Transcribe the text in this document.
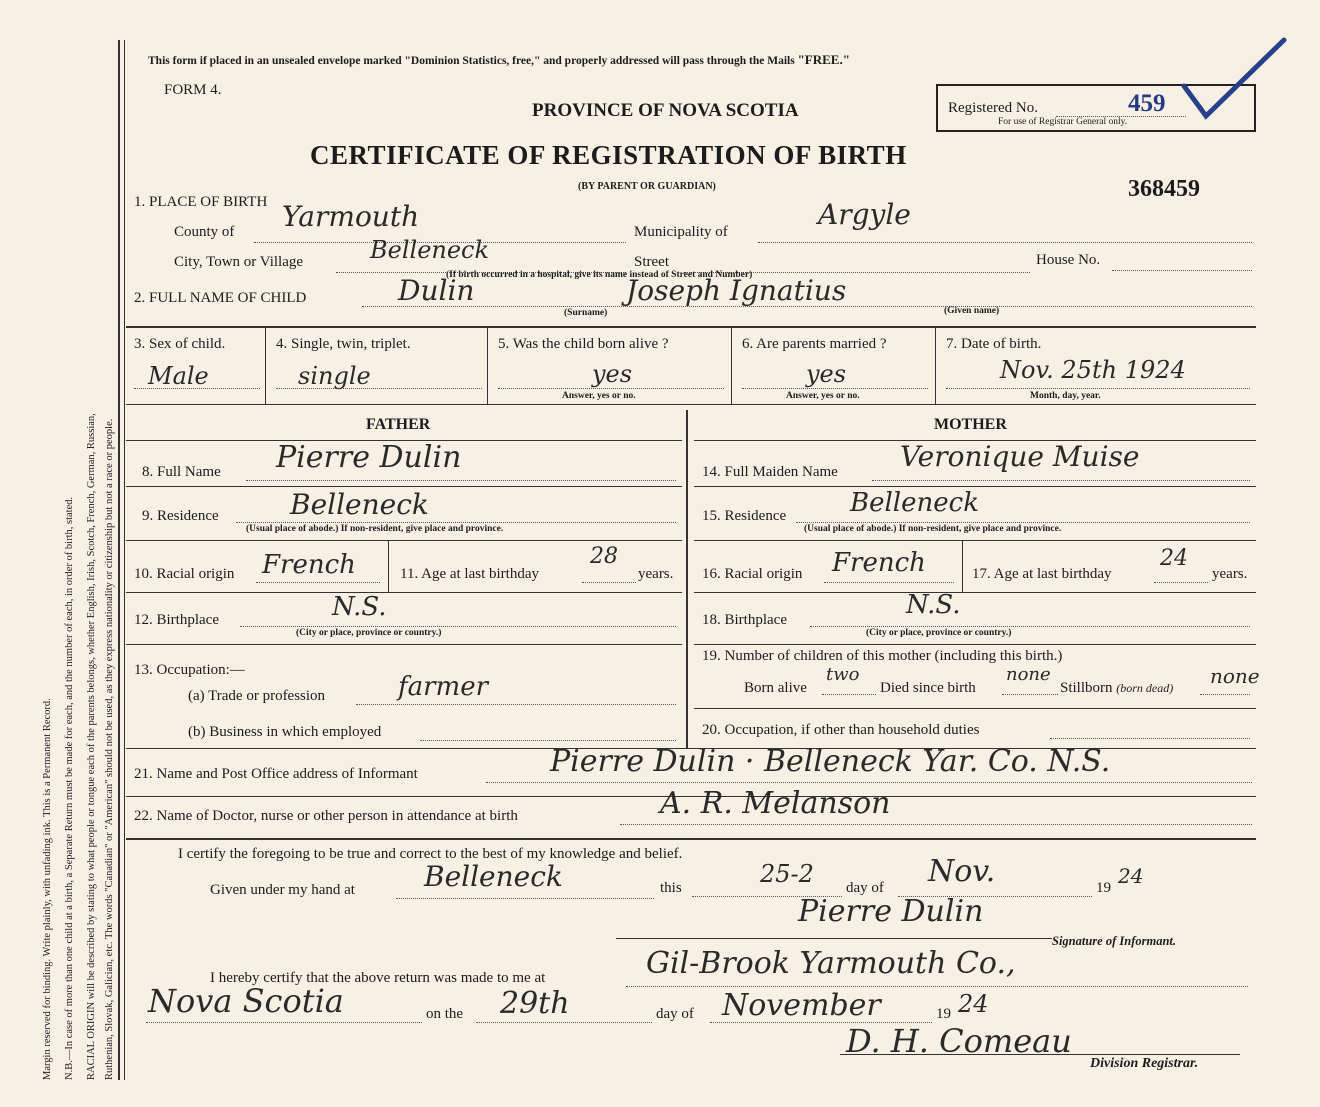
Margin reserved for binding. Write plainly, with unfading ink. This is a Permanent Record. N.B.—In case of more than one child at a birth, a Separate Return must be made for each, and the number of each, in order of birth, stated. RACIAL ORIGIN will be described by stating to what people or tongue each of the parents belongs, whether English, Irish, Scotch, French, German, Russian, Ruthenian, Slovak, Galician, etc. The words "Canadian" or "American" should not be used, as they express nationality or citizenship but not a race or people.
This form if placed in an unsealed envelope marked "Dominion Statistics, free," and properly addressed will pass through the Mails "FREE."
FORM 4.
PROVINCE OF NOVA SCOTIA
CERTIFICATE OF REGISTRATION OF BIRTH
(BY PARENT OR GUARDIAN)
Registered No.	459
For use of Registrar General only.
368459
1. PLACE OF BIRTH
County of Yarmouth	Municipality of
Argyle
City, Town or Village	Belleneck	Street	House No.
(If birth occurred in a hospital, give its name instead of Street and Number)
2. FULL NAME OF CHILD	Dulin	Joseph Ignatius
(Surname)	(Given name)
3. Sex of child.
Male
4. Single, twin, triplet.
single
5. Was the child born alive ?
yes
Answer, yes or no.
6. Are parents married ?
yes
Answer, yes or no.
7. Date of birth.
Nov. 25th 1924
Month, day, year.
FATHER	MOTHER
8. Full Name Pierre Dulin
9. Residence	Belleneck
(Usual place of abode.) If non-resident, give place and province.
10. Racial origin French	11. Age at last birthday
28
years.
12. Birthplace	N.S.
(City or place, province or country.)
13. Occupation:—
(a) Trade or profession	farmer
(b) Business in which employed
14. Full Maiden Name Veronique Muise
15. Residence Belleneck
(Usual place of abode.) If non-resident, give place and province.
16. Racial origin French	17. Age at last birthday
24
years.
18. Birthplace	N.S.
(City or place, province or country.)
19. Number of children of this mother (including this birth.)
Born alive
two
Died since birth
none
Stillborn (born dead) none
20. Occupation, if other than household duties
21. Name and Post Office address of Informant	Pierre Dulin · Belleneck Yar. Co. N.S.
22. Name of Doctor, nurse or other person in attendance at birth	A. R. Melanson
I certify the foregoing to be true and correct to the best of my knowledge and belief.
Given under my hand at Belleneck	this	25-2 day of Nov.	19 24
Pierre Dulin
Signature of Informant.
I hereby certify that the above return was made to me at	Gil-Brook Yarmouth Co.,
Nova Scotia	on the 29th	day of November	19 24
D. H. Comeau
Division Registrar.
